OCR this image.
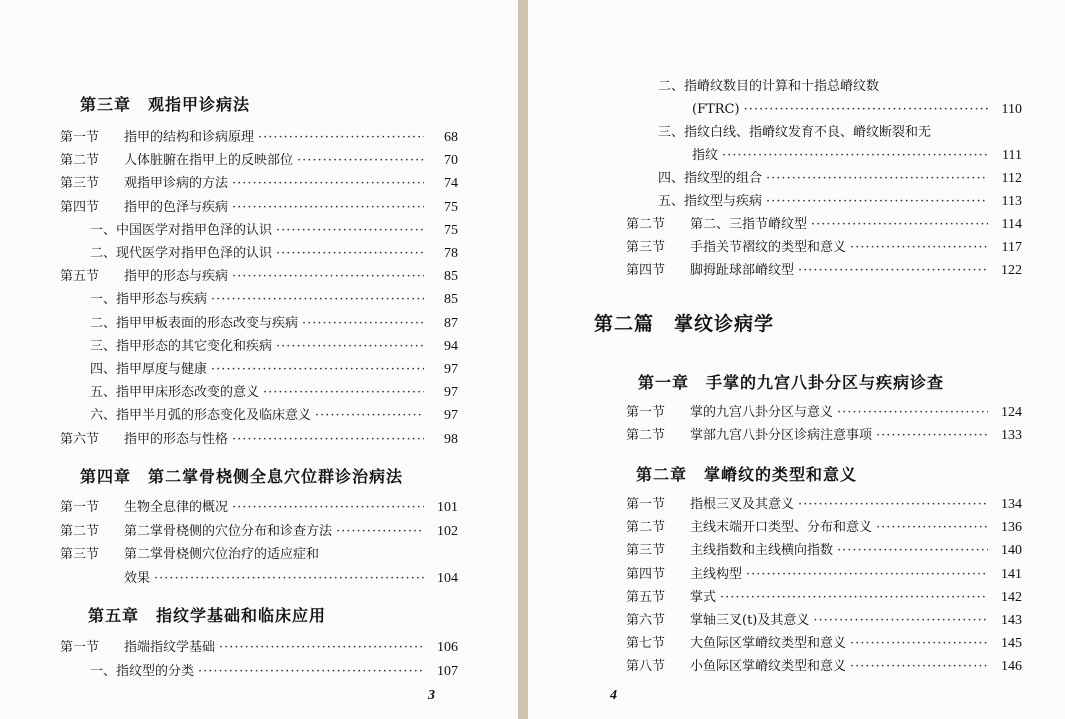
第三章　观指甲诊病法
第一节	指甲的结构和诊病原理 ·····	68
第二节	人体脏腑在指甲上的反映部位 ·····	70
第三节	观指甲诊病的方法 ·····	74
第四节	指甲的色泽与疾病 ·····	75
一、中国医学对指甲色泽的认识 ·····	75
二、现代医学对指甲色泽的认识 ·····	78
第五节	指甲的形态与疾病 ·····	85
一、指甲形态与疾病 ·····	85
二、指甲甲板表面的形态改变与疾病 ·····	87
三、指甲形态的其它变化和疾病 ·····	94
四、指甲厚度与健康 ·····	97
五、指甲甲床形态改变的意义 ·····	97
六、指甲半月弧的形态变化及临床意义 ·····	97
第六节	指甲的形态与性格 ·····	98
第四章　第二掌骨桡侧全息穴位群诊治病法
第一节	生物全息律的概况 ·····	101
第二节	第二掌骨桡侧的穴位分布和诊查方法 ·····	102
第三节	第二掌骨桡侧穴位治疗的适应症和
效果 ·····	104
第五章　指纹学基础和临床应用
第一节	指端指纹学基础 ·····	106
一、指纹型的分类 ·····	107
3
二、指嵴纹数目的计算和十指总嵴纹数
(FTRC) ·····	110
三、指纹白线、指嵴纹发育不良、嵴纹断裂和无
指纹 ·····	111
四、指纹型的组合 ·····	112
五、指纹型与疾病 ·····	113
第二节	第二、三指节嵴纹型 ·····	114
第三节	手指关节褶纹的类型和意义 ·····	117
第四节	脚拇趾球部嵴纹型 ·····	122
第二篇　掌纹诊病学
第一章　手掌的九宫八卦分区与疾病诊查
第一节	掌的九宫八卦分区与意义 ·····	124
第二节	掌部九宫八卦分区诊病注意事项 ·····	133
第二章　掌嵴纹的类型和意义
第一节	指根三叉及其意义 ·····	134
第二节	主线末端开口类型、分布和意义 ·····	136
第三节	主线指数和主线横向指数 ·····	140
第四节	主线构型 ·····	141
第五节	掌式 ·····	142
第六节	掌轴三叉(t)及其意义 ·····	143
第七节	大鱼际区掌嵴纹类型和意义 ·····	145
第八节	小鱼际区掌嵴纹类型和意义 ·····	146
4
